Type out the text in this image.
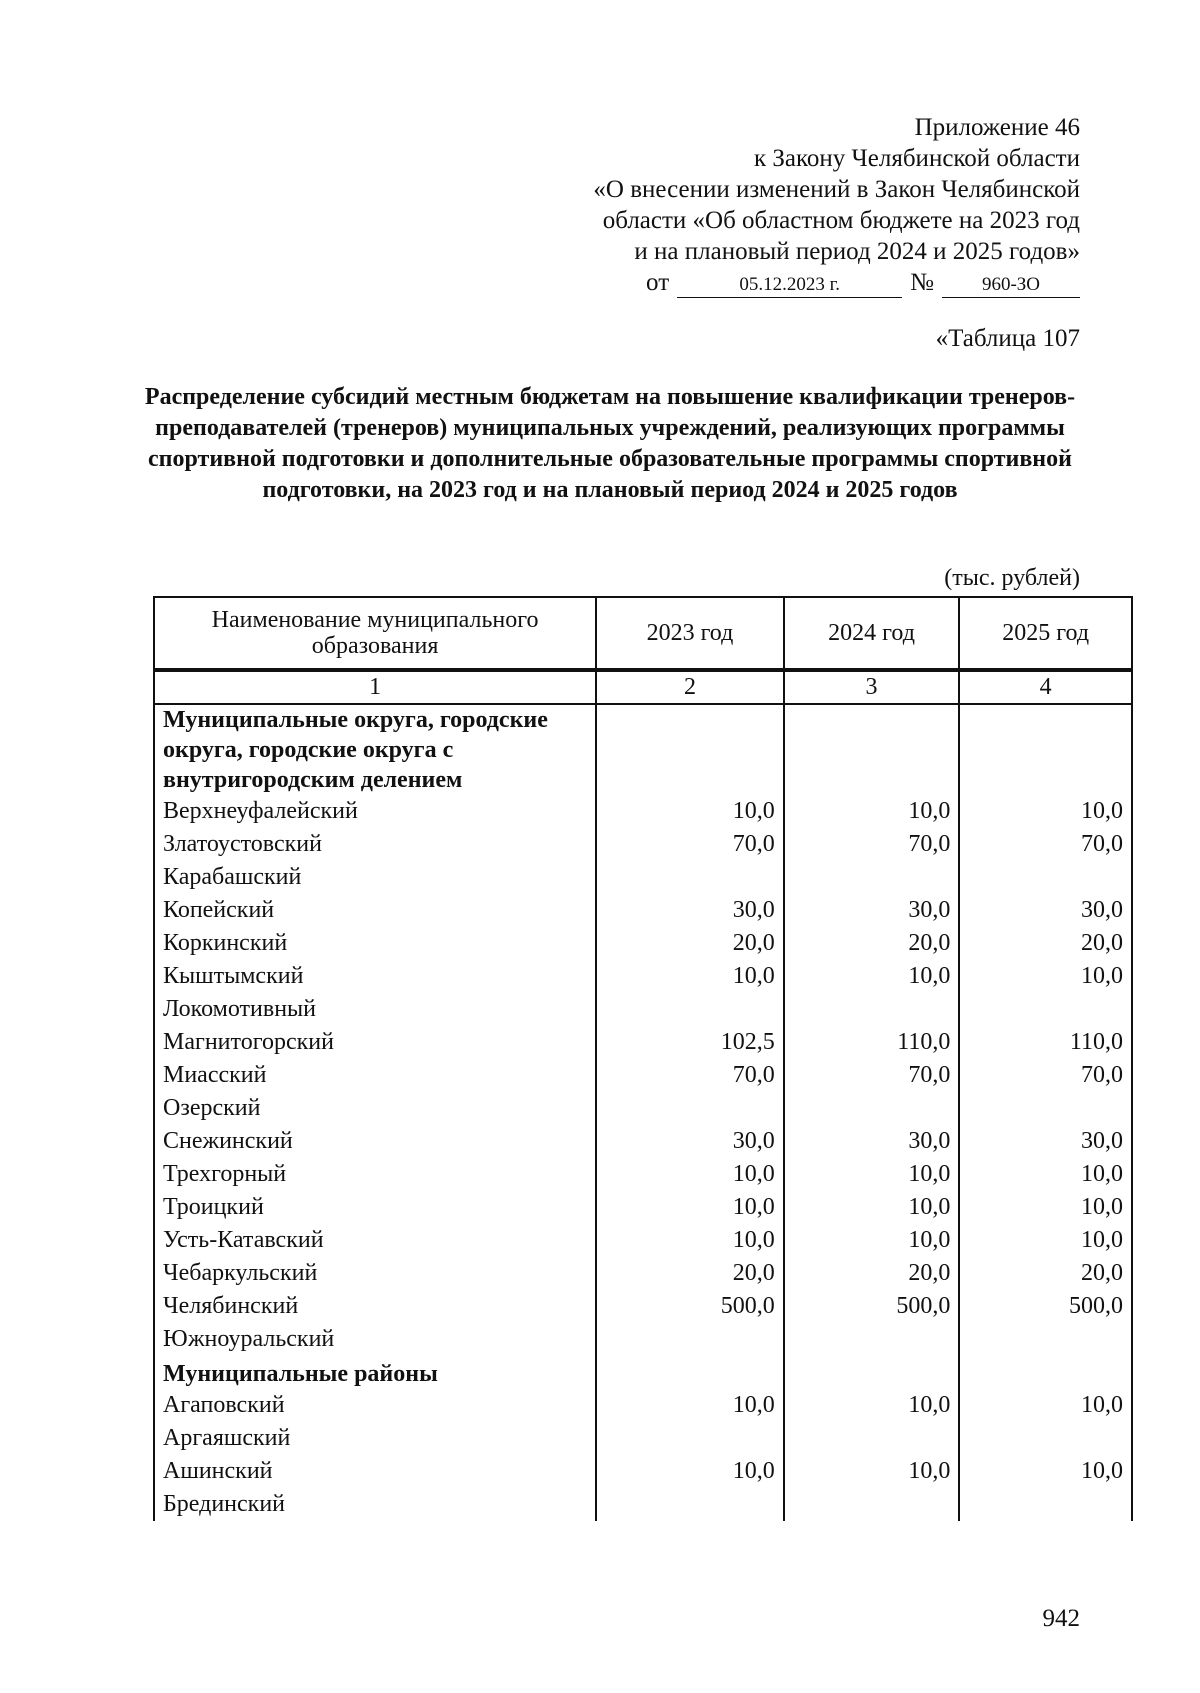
Приложение 46
к Закону Челябинской области
«О внесении изменений в Закон Челябинской
области «Об областном бюджете на 2023 год
и на плановый период 2024 и 2025 годов»
от	05.12.2023 г.	№	960-ЗО
«Таблица 107
Распределение субсидий местным бюджетам на повышение квалификации тренеров-преподавателей (тренеров) муниципальных учреждений, реализующих программы спортивной подготовки и дополнительные образовательные программы спортивной подготовки, на 2023 год и на плановый период 2024 и 2025 годов
(тыс. рублей)
Наименование муниципального образования	2023 год	2024 год	2025 год
1	2	3	4
Муниципальные округа, городские округа, городские округа с внутригородским делением			
Верхнеуфалейский	10,0	10,0	10,0
Златоустовский	70,0	70,0	70,0
Карабашский			
Копейский	30,0	30,0	30,0
Коркинский	20,0	20,0	20,0
Кыштымский	10,0	10,0	10,0
Локомотивный			
Магнитогорский	102,5	110,0	110,0
Миасский	70,0	70,0	70,0
Озерский			
Снежинский	30,0	30,0	30,0
Трехгорный	10,0	10,0	10,0
Троицкий	10,0	10,0	10,0
Усть-Катавский	10,0	10,0	10,0
Чебаркульский	20,0	20,0	20,0
Челябинский	500,0	500,0	500,0
Южноуральский			
Муниципальные районы			
Агаповский	10,0	10,0	10,0
Аргаяшский			
Ашинский	10,0	10,0	10,0
Брединский			
942
